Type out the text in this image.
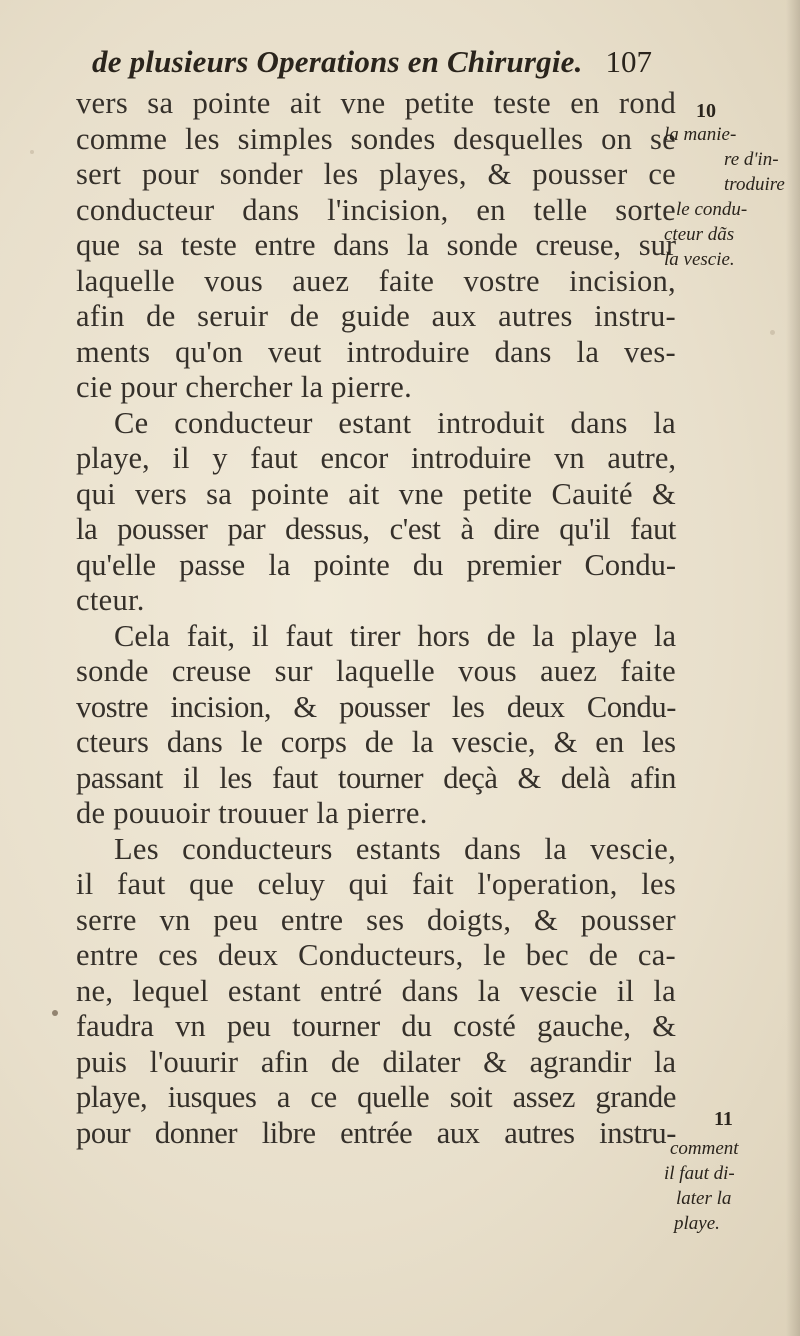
de plusieurs Operations en Chirurgie. 107
vers sa pointe ait vne petite teste en rond
comme les simples sondes desquelles on se
sert pour sonder les playes, & pousser ce
conducteur dans l'incision, en telle sorte
que sa teste entre dans la sonde creuse, sur
laquelle vous auez faite vostre incision,
afin de seruir de guide aux autres instru-
ments qu'on veut introduire dans la ves-
cie pour chercher la pierre.
Ce conducteur estant introduit dans la
playe, il y faut encor introduire vn autre,
qui vers sa pointe ait vne petite Cauité &
la pousser par dessus, c'est à dire qu'il faut
qu'elle passe la pointe du premier Condu-
cteur.
Cela fait, il faut tirer hors de la playe la
sonde creuse sur laquelle vous auez faite
vostre incision, & pousser les deux Condu-
cteurs dans le corps de la vescie, & en les
passant il les faut tourner deçà & delà afin
de pouuoir trouuer la pierre.
Les conducteurs estants dans la vescie,
il faut que celuy qui fait l'operation, les
serre vn peu entre ses doigts, & pousser
entre ces deux Conducteurs, le bec de ca-
ne, lequel estant entré dans la vescie il la
faudra vn peu tourner du costé gauche, &
puis l'ouurir afin de dilater & agrandir la
playe, iusques a ce quelle soit assez grande
pour donner libre entrée aux autres instru-
10
la manie-
re d'in-
troduire
le condu-
cteur dãs
la vescie.
11
comment
il faut di-
later la
playe.
